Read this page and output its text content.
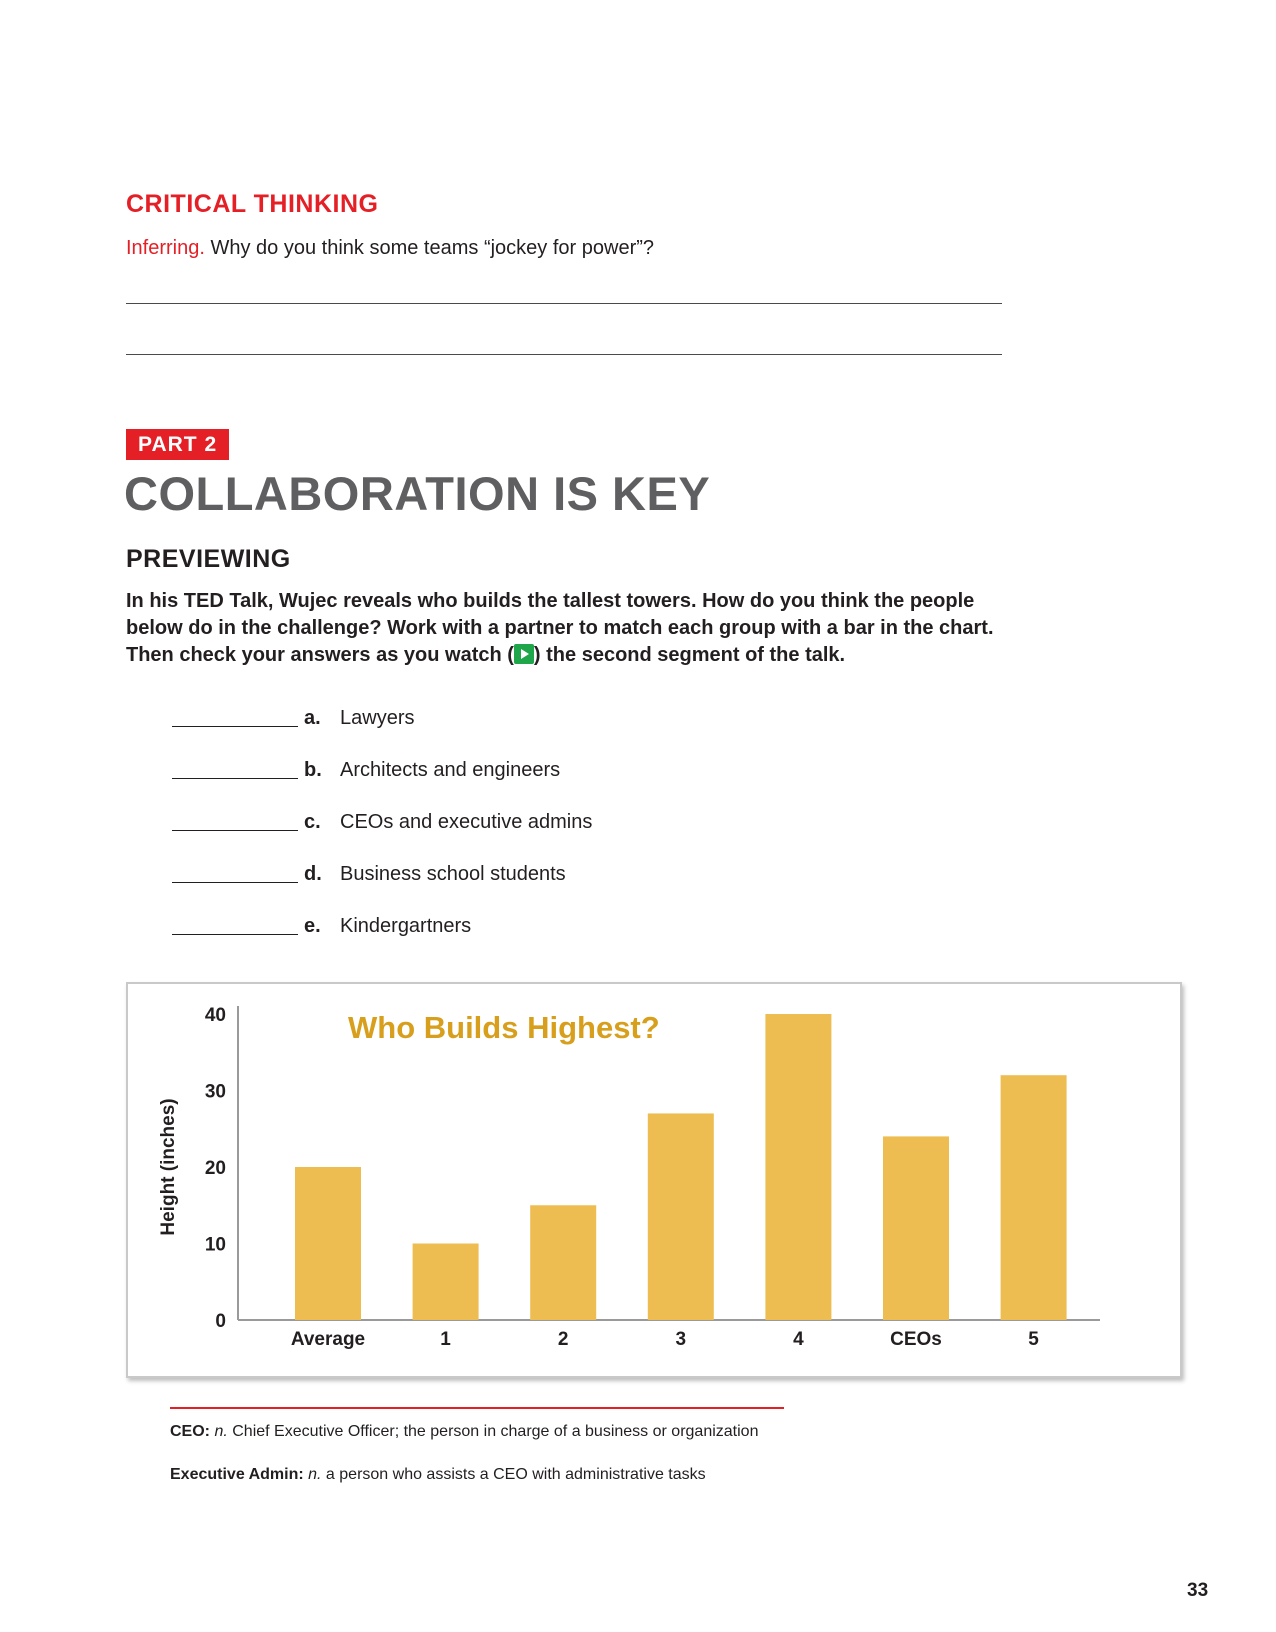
CRITICAL THINKING
Inferring. Why do you think some teams “jockey for power”?
PART 2
COLLABORATION IS KEY
PREVIEWING

In his TED Talk, Wujec reveals who builds the tallest towers. How do you think the people below do in the challenge? Work with a partner to match each group with a bar in the chart. Then check your answers as you watch ( ) the second segment of the talk.

a. Lawyers
b. Architects and engineers
c. CEOs and executive admins
d. Business school students
e. Kindergartners
0
10
20
30
40
Height (inches)
Average	1	2	3	4	CEOs	5
Who Builds Highest?
CEO: n. Chief Executive Officer; the person in charge of a business or organization
Executive Admin: n. a person who assists a CEO with administrative tasks
33
